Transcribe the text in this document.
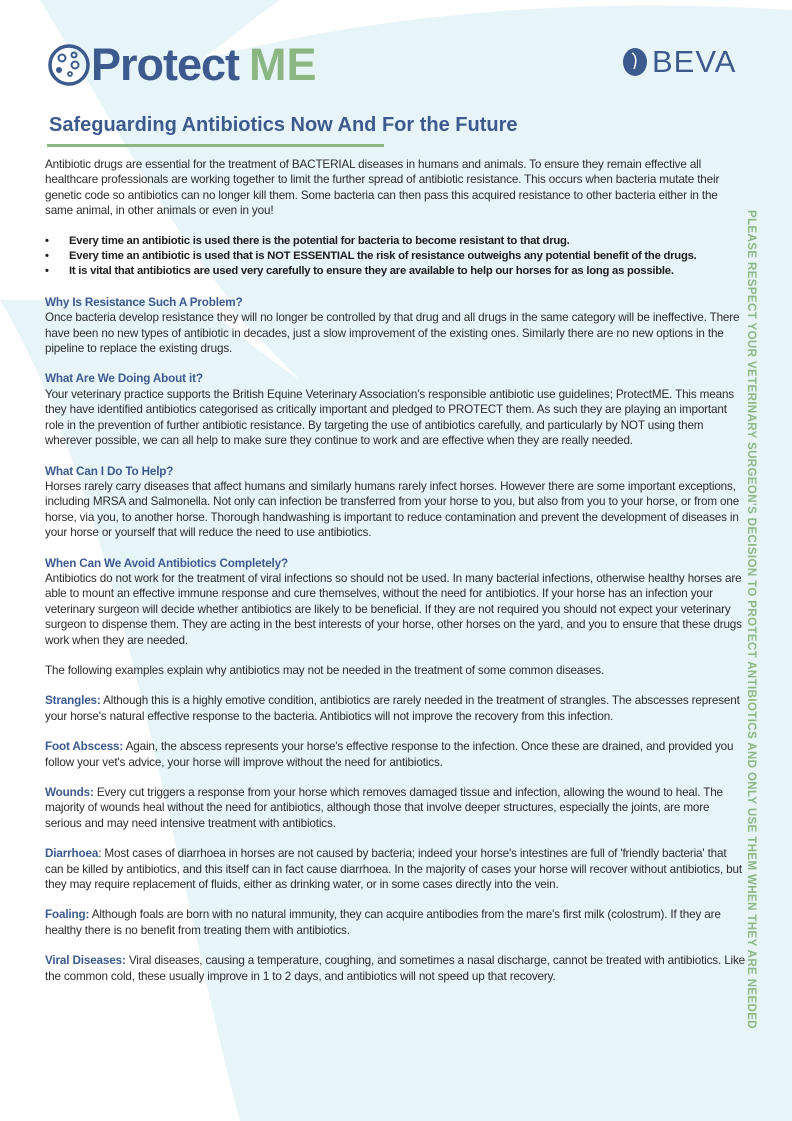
Protect ME	BEVA
Safeguarding Antibiotics Now And For the Future

Antibiotic drugs are essential for the treatment of BACTERIAL diseases in humans and animals. To ensure they remain effective all healthcare professionals are working together to limit the further spread of antibiotic resistance. This occurs when bacteria mutate their genetic code so antibiotics can no longer kill them. Some bacteria can then pass this acquired resistance to other bacteria either in the same animal, in other animals or even in you!

• Every time an antibiotic is used there is the potential for bacteria to become resistant to that drug.
• Every time an antibiotic is used that is NOT ESSENTIAL the risk of resistance outweighs any potential benefit of the drugs.
• It is vital that antibiotics are used very carefully to ensure they are available to help our horses for as long as possible.

Why Is Resistance Such A Problem?
Once bacteria develop resistance they will no longer be controlled by that drug and all drugs in the same category will be ineffective. There have been no new types of antibiotic in decades, just a slow improvement of the existing ones. Similarly there are no new options in the pipeline to replace the existing drugs.

What Are We Doing About it?
Your veterinary practice supports the British Equine Veterinary Association's responsible antibiotic use guidelines; ProtectME. This means they have identified antibiotics categorised as critically important and pledged to PROTECT them. As such they are playing an important role in the prevention of further antibiotic resistance. By targeting the use of antibiotics carefully, and particularly by NOT using them wherever possible, we can all help to make sure they continue to work and are effective when they are really needed.

What Can I Do To Help?
Horses rarely carry diseases that affect humans and similarly humans rarely infect horses. However there are some important exceptions, including MRSA and Salmonella. Not only can infection be transferred from your horse to you, but also from you to your horse, or from one horse, via you, to another horse. Thorough handwashing is important to reduce contamination and prevent the development of diseases in your horse or yourself that will reduce the need to use antibiotics.

When Can We Avoid Antibiotics Completely?
Antibiotics do not work for the treatment of viral infections so should not be used. In many bacterial infections, otherwise healthy horses are able to mount an effective immune response and cure themselves, without the need for antibiotics. If your horse has an infection your veterinary surgeon will decide whether antibiotics are likely to be beneficial. If they are not required you should not expect your veterinary surgeon to dispense them. They are acting in the best interests of your horse, other horses on the yard, and you to ensure that these drugs work when they are needed.

The following examples explain why antibiotics may not be needed in the treatment of some common diseases.

Strangles: Although this is a highly emotive condition, antibiotics are rarely needed in the treatment of strangles. The abscesses represent your horse's natural effective response to the bacteria. Antibiotics will not improve the recovery from this infection.

Foot Abscess: Again, the abscess represents your horse's effective response to the infection. Once these are drained, and provided you follow your vet's advice, your horse will improve without the need for antibiotics.

Wounds: Every cut triggers a response from your horse which removes damaged tissue and infection, allowing the wound to heal. The majority of wounds heal without the need for antibiotics, although those that involve deeper structures, especially the joints, are more serious and may need intensive treatment with antibiotics.

Diarrhoea: Most cases of diarrhoea in horses are not caused by bacteria; indeed your horse's intestines are full of 'friendly bacteria' that can be killed by antibiotics, and this itself can in fact cause diarrhoea. In the majority of cases your horse will recover without antibiotics, but they may require replacement of fluids, either as drinking water, or in some cases directly into the vein.

Foaling: Although foals are born with no natural immunity, they can acquire antibodies from the mare's first milk (colostrum). If they are healthy there is no benefit from treating them with antibiotics.

Viral Diseases: Viral diseases, causing a temperature, coughing, and sometimes a nasal discharge, cannot be treated with antibiotics. Like the common cold, these usually improve in 1 to 2 days, and antibiotics will not speed up that recovery.	PLEASE RESPECT YOUR VETERINARY SURGEON'S DECISION TO PROTECT ANTIBIOTICS AND ONLY USE THEM WHEN THEY ARE NEEDED
